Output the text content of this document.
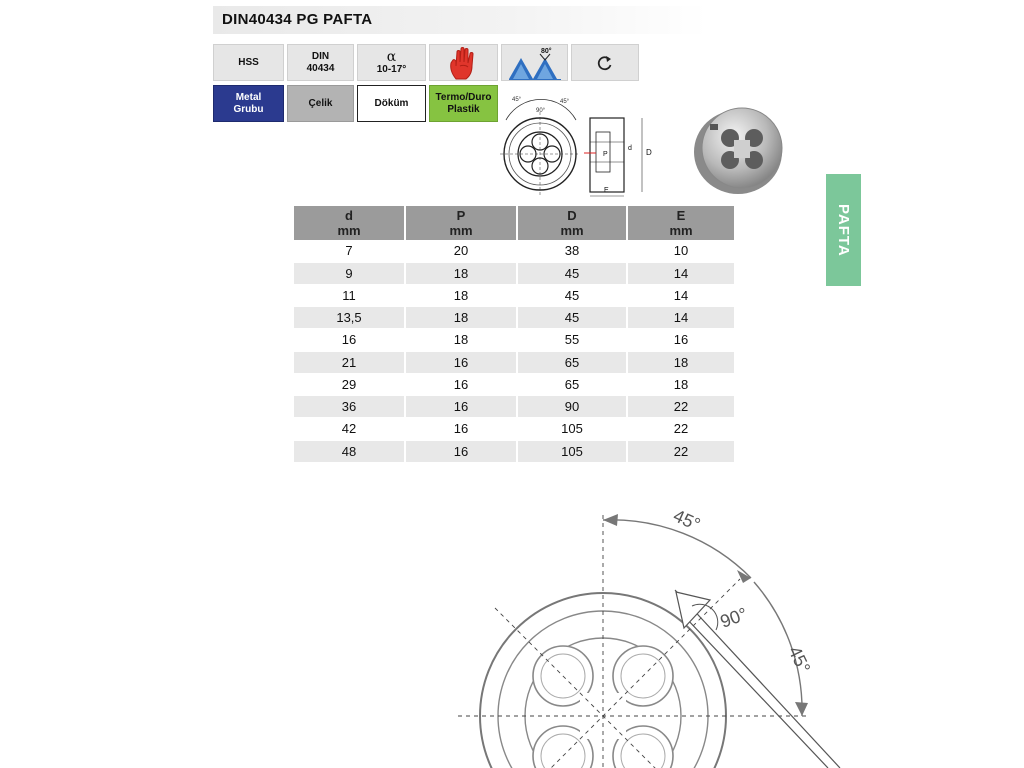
DIN40434 PG PAFTA
HSS
DIN
40434
α
10-17°
80°
Metal
Grubu
Çelik	Döküm
Termo/Duro
Plastik
45°
90°
45°
P
d D
E
PAFTA
d
mm
P
mm
D
mm
E
mm
7	20	38	10
9	18	45	14
11	18	45	14
13,5	18	45	14
16	18	55	16
21	16	65	18
29	16	65	18
36	16	90	22
42	16	105	22
48	16	105	22
90°
45°
45°
